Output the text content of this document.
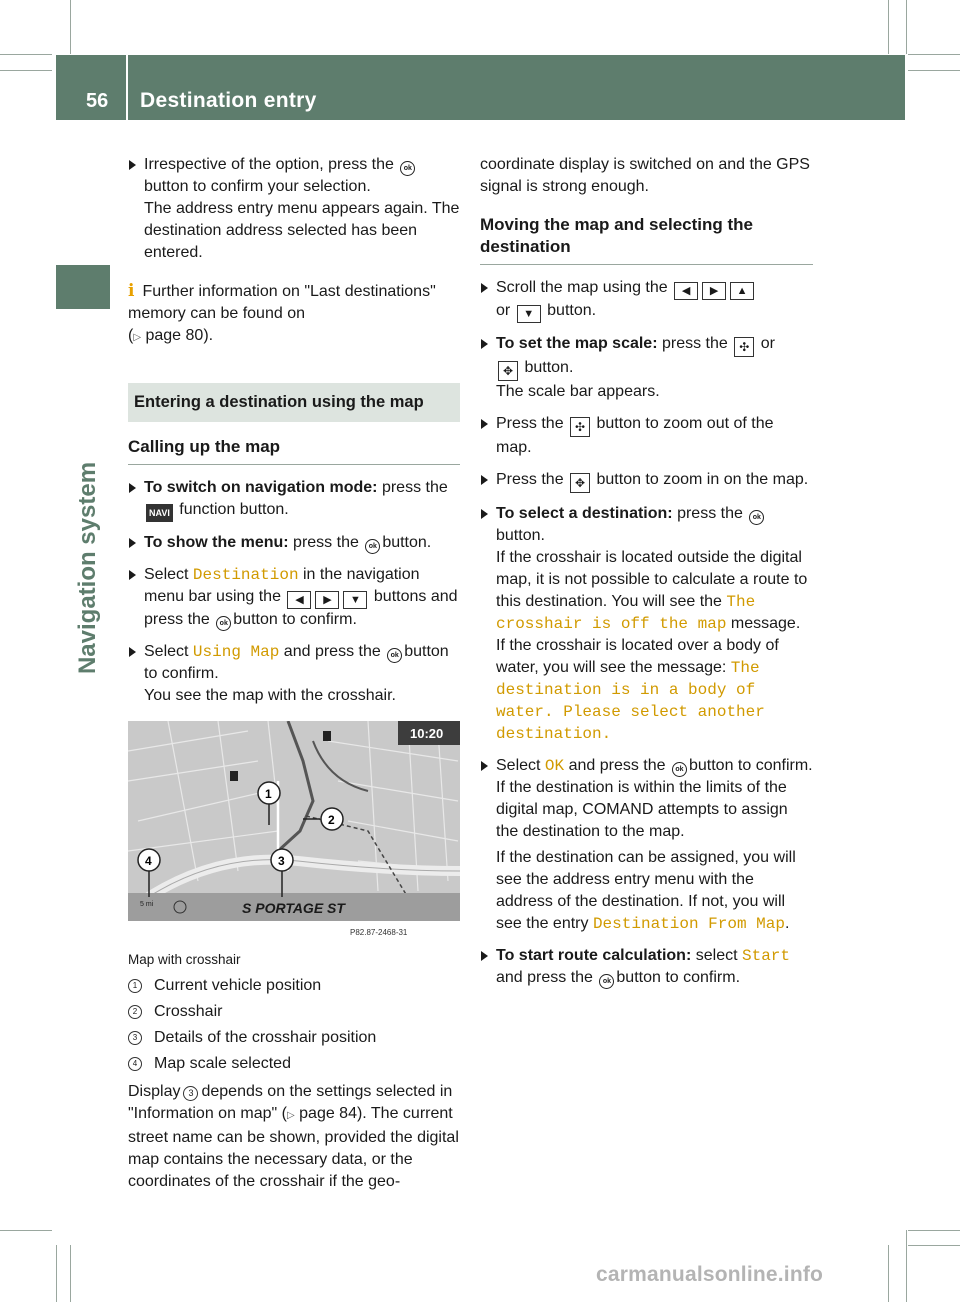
56 Destination entry
Navigation system

Irrespective of the option, press the ok
button to confirm your selection.

The address entry menu appears again. The destination address selected has been entered.

i Further information on "Last destinations" memory can be found on
(▷ page 80).

Entering a destination using the map
Calling up the map

To switch on navigation mode: press the NAVI function button.

To show the menu: press the ok button.

Select Destination in the navigation menu bar using the ◀ ▶ ▼ buttons and press the ok button to confirm.

Select Using Map and press the ok button to confirm.

You see the map with the crosshair.

10:20
S PORTAGE ST
5 mi
P82.87-2468-31
1
2
3
4
Map with crosshair
1 Current vehicle position
2 Crosshair
3 Details of the crosshair position
4 Map scale selected

Display 3 depends on the settings selected in "Information on map" (▷ page 84). The current street name can be shown, provided the digital map contains the necessary data, or the coordinates of the crosshair if the geo-

coordinate display is switched on and the GPS signal is strong enough.

Moving the map and selecting the destination

Scroll the map using the ◀ ▶ ▲
or ▼ button.

To set the map scale: press the ✣ or
✥ button.

The scale bar appears.

Press the ✣ button to zoom out of the map.

Press the ✥ button to zoom in on the map.

To select a destination: press the ok
button.

If the crosshair is located outside the digital map, it is not possible to calculate a route to this destination. You will see the The crosshair is off the map message. If the crosshair is located over a body of water, you will see the message: The destination is in a body of water. Please select another destination.

Select OK and press the ok button to confirm.

If the destination is within the limits of the digital map, COMAND attempts to assign the destination to the map.

If the destination can be assigned, you will see the address entry menu with the address of the destination. If not, you will see the entry Destination From Map.

To start route calculation: select Start
and press the ok button to confirm.

carmanualsonline.info
